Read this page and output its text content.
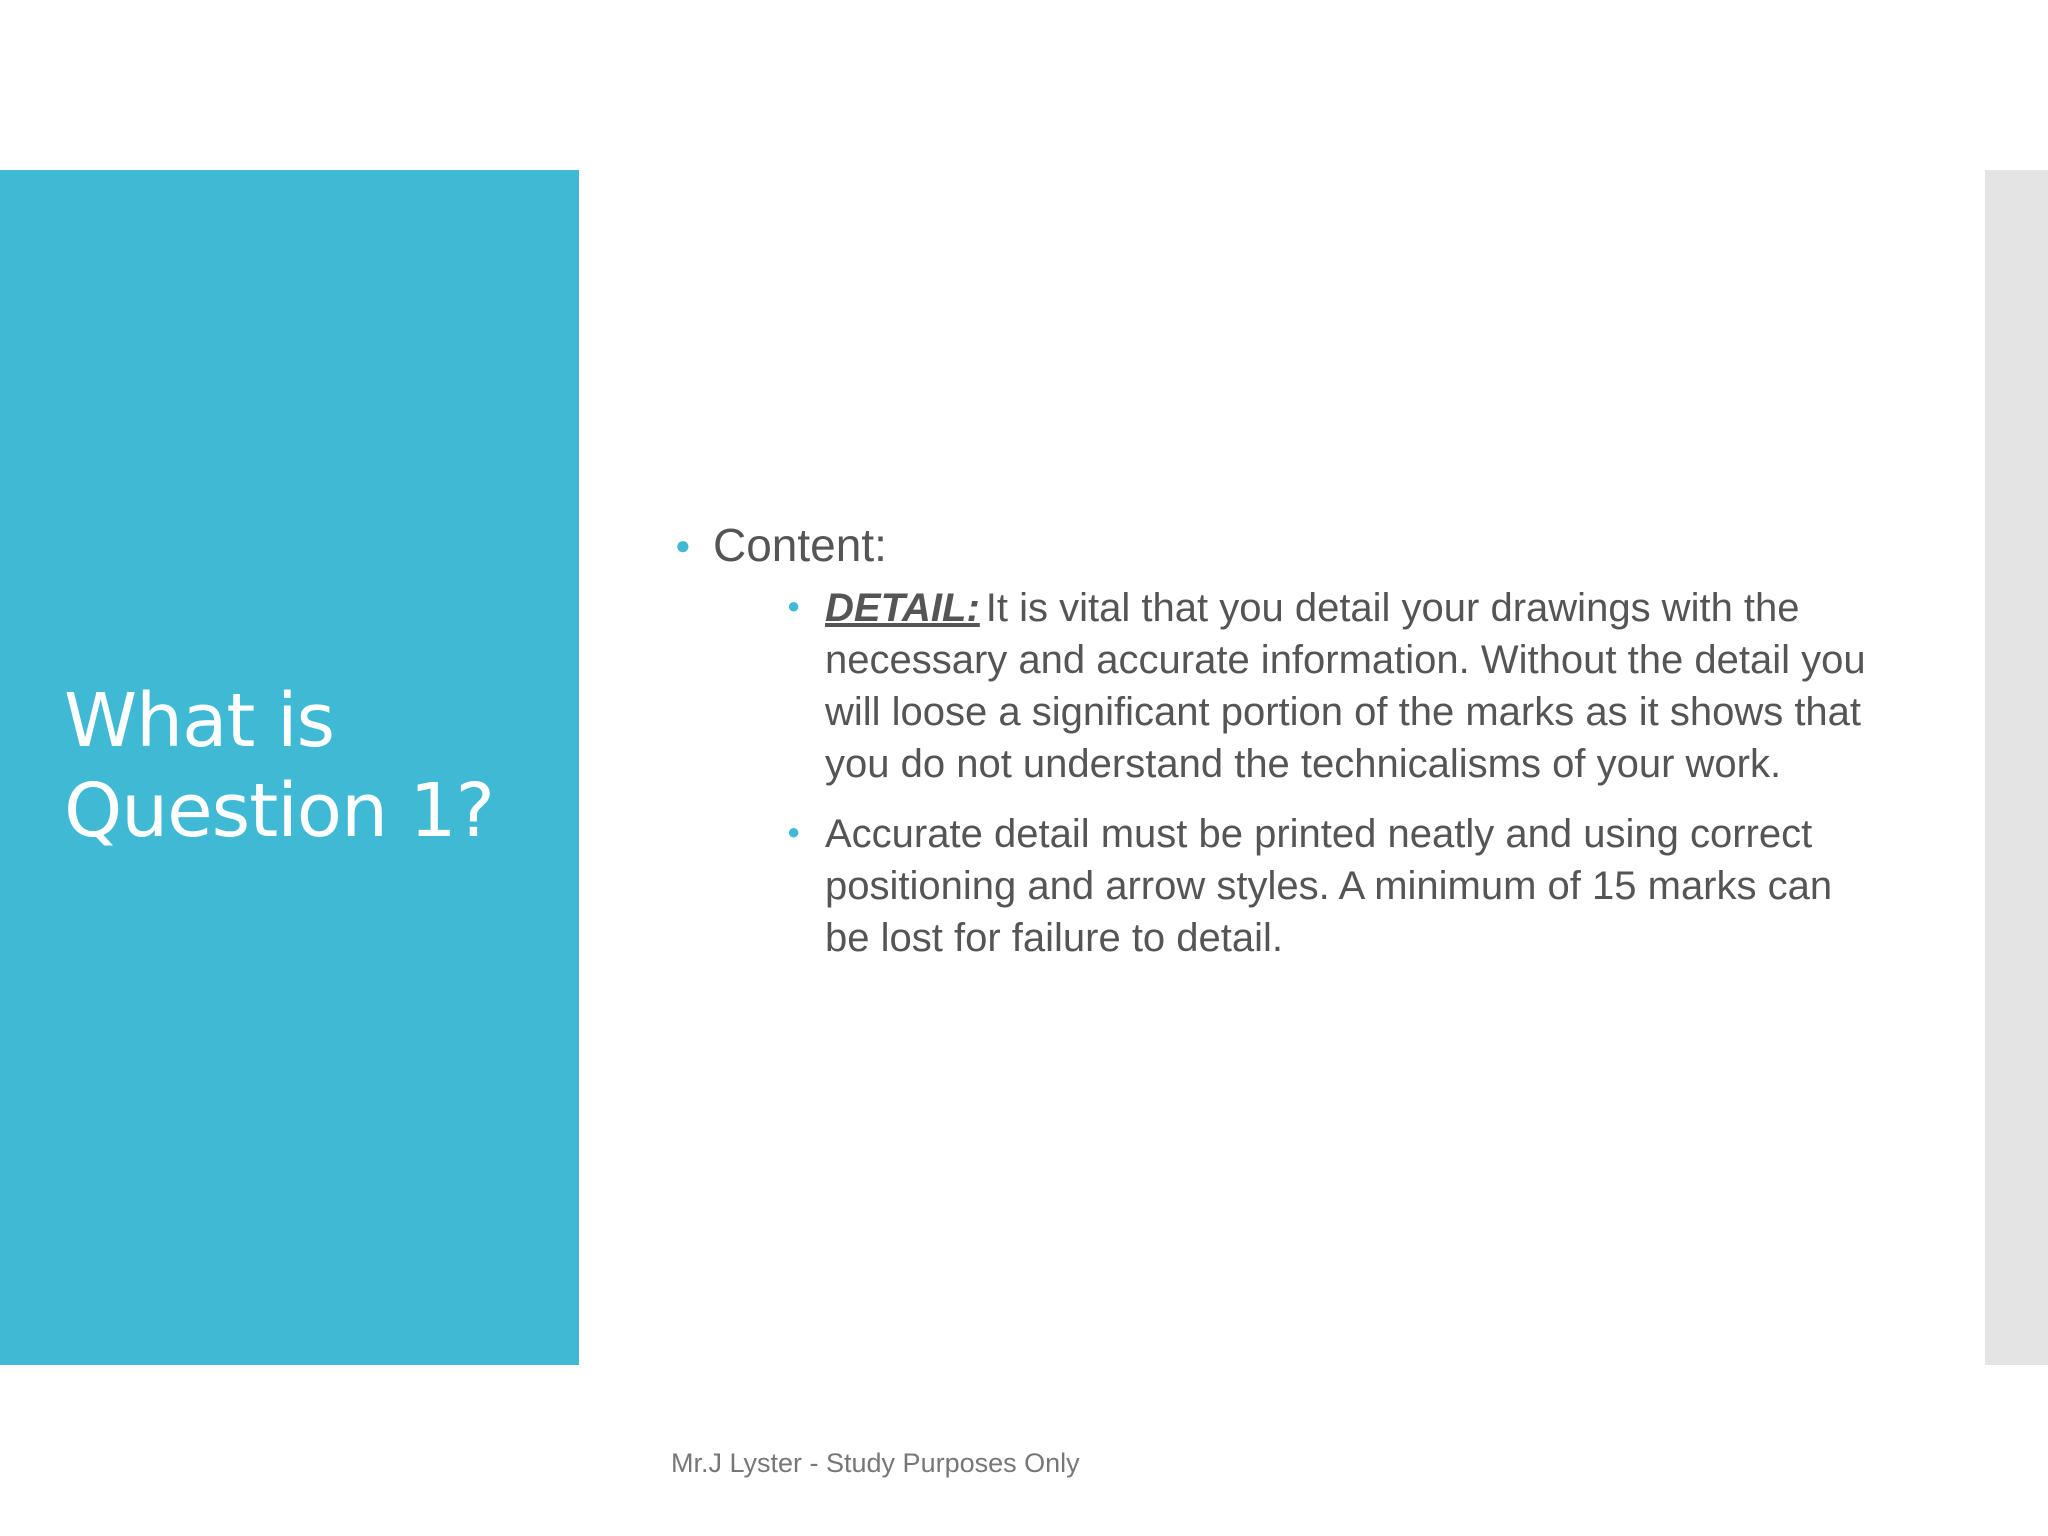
What is
Question 1?
● Content:
● DETAIL: It is vital that you detail your drawings with the necessary and accurate information. Without the detail you will loose a significant portion of the marks as it shows that you do not understand the technicalisms of your work.
● Accurate detail must be printed neatly and using correct positioning and arrow styles. A minimum of 15 marks can be lost for failure to detail.
Mr.J Lyster - Study Purposes Only
